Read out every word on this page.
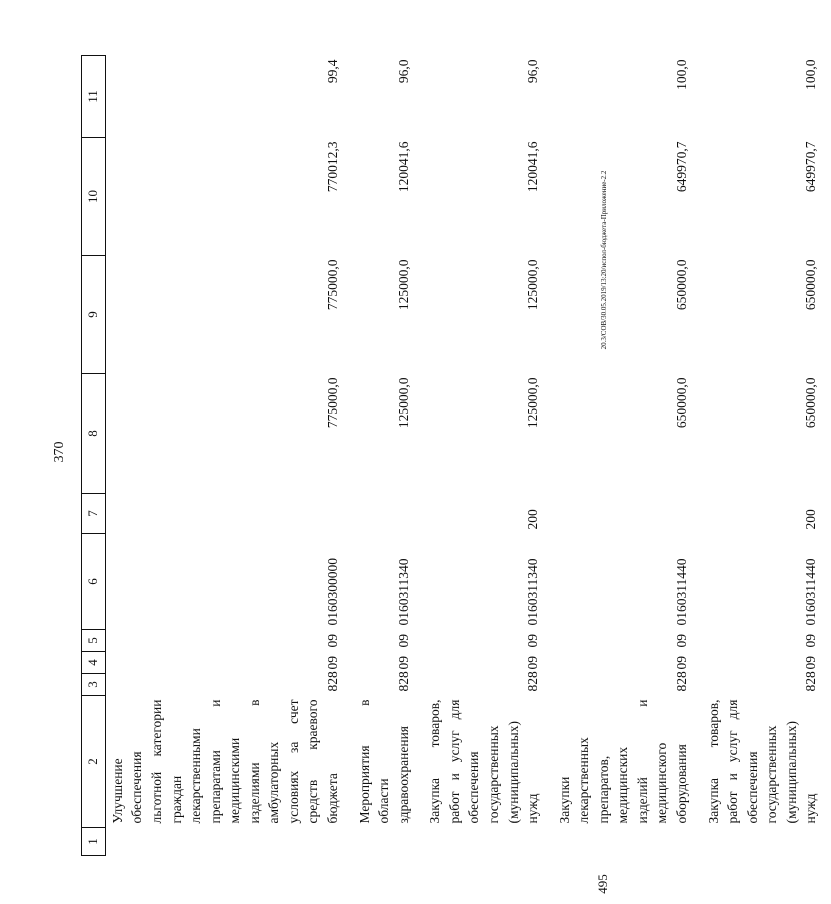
370
20.3/СОВ/30.05.2019/13:20/испол-бюджета-Приложение-2.2
495
1	2	3	4	5	6	7	8	9	10	11
	Улучшение обеспечения льготной категории граждан лекарственными препаратами и медицинскими изделиями в амбулаторных условиях за счет средств краевого бюджета	828	09	09	0160300000		775000,0	775000,0	770012,3	99,4
	Мероприятия в области здравоохранения	828	09	09	0160311340		125000,0	125000,0	120041,6	96,0
	Закупка товаров, работ и услуг для обеспечения государственных (муниципальных) нужд	828	09	09	0160311340	200	125000,0	125000,0	120041,6	96,0
	Закупки лекарственных препаратов, медицинских изделий и медицинского оборудования	828	09	09	0160311440		650000,0	650000,0	649970,7	100,0
	Закупка товаров, работ и услуг для обеспечения государственных (муниципальных) нужд	828	09	09	0160311440	200	650000,0	650000,0	649970,7	100,0
